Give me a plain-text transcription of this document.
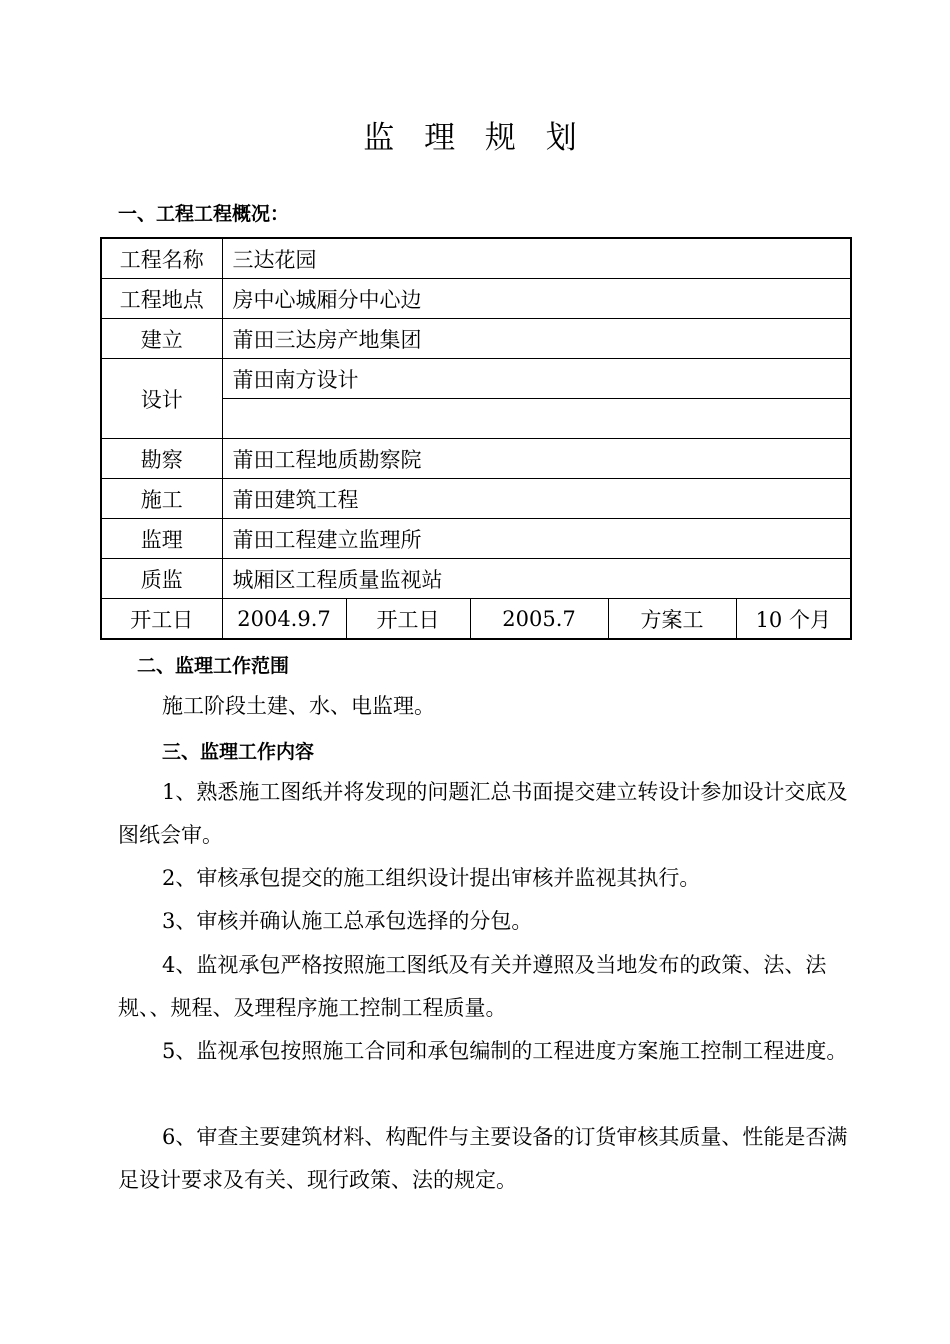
监 理 规 划
一、工程工程概况：
工程名称	三达花园				
工程地点	房中心城厢分中心边				
建立	莆田三达房产地集团				
设计	莆田南方设计				

勘察	莆田工程地质勘察院				
施工	莆田建筑工程				
监理	莆田工程建立监理所				
质监	城厢区工程质量监视站				
开工日	2004.9.7	开工日	2005.7	方案工	10 个月
二、监理工作范围
施工阶段土建、水、电监理。
三、监理工作内容
1、熟悉施工图纸并将发现的问题汇总书面提交建立转设计参加设计交底及图纸会审。
2、审核承包提交的施工组织设计提出审核并监视其执行。
3、审核并确认施工总承包选择的分包。
4、监视承包严格按照施工图纸及有关并遵照及当地发布的政策、法、法规、、规程、及理程序施工控制工程质量。
5、监视承包按照施工合同和承包编制的工程进度方案施工控制工程进度。
6、审查主要建筑材料、构配件与主要设备的订货审核其质量、性能是否满足设计要求及有关、现行政策、法的规定。
